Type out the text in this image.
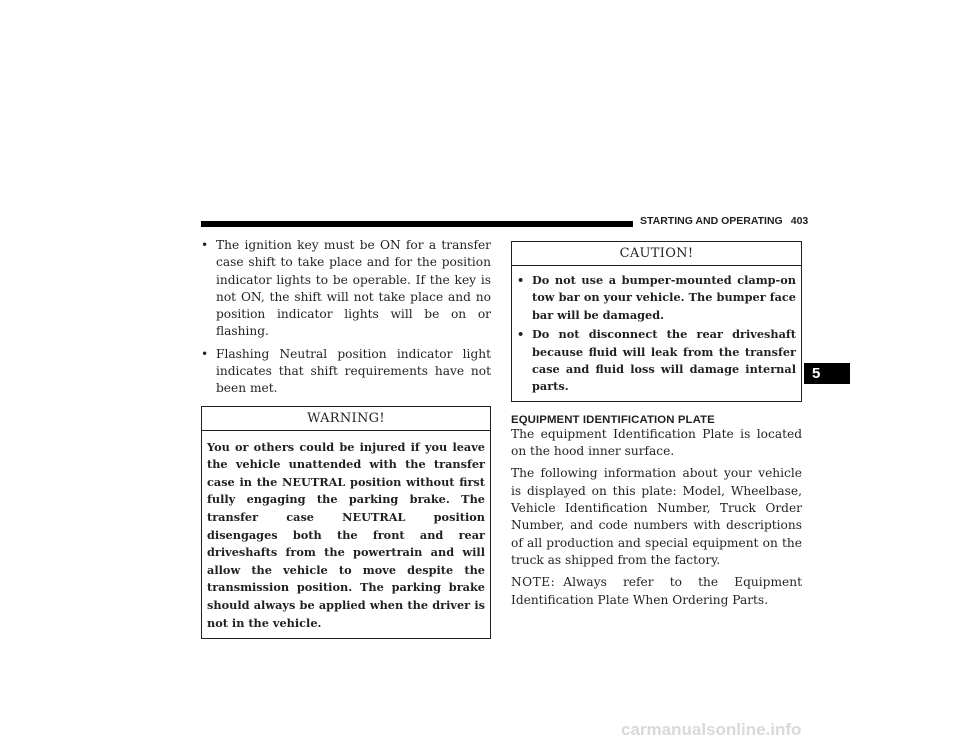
STARTING AND OPERATING 403
• The ignition key must be ON for a transfer case shift to take place and for the position indicator lights to be operable. If the key is not ON, the shift will not take place and no position indicator lights will be on or flashing.
• Flashing Neutral position indicator light indicates that shift requirements have not been met.
WARNING!
You or others could be injured if you leave the vehicle unattended with the transfer case in the NEUTRAL position without first fully engaging the parking brake. The transfer case NEUTRAL position disengages both the front and rear driveshafts from the powertrain and will allow the vehicle to move despite the transmission position. The parking brake should always be applied when the driver is not in the vehicle.
CAUTION!
• Do not use a bumper-mounted clamp-on tow bar on your vehicle. The bumper face bar will be damaged.
• Do not disconnect the rear driveshaft because fluid will leak from the transfer case and fluid loss will damage internal parts.
EQUIPMENT IDENTIFICATION PLATE

The equipment Identification Plate is located on the hood inner surface.

The following information about your vehicle is displayed on this plate: Model, Wheelbase, Vehicle Identification Number, Truck Order Number, and code numbers with descriptions of all production and special equipment on the truck as shipped from the factory.

NOTE: Always refer to the Equipment Identification Plate When Ordering Parts.

5
carmanualsonline.info
